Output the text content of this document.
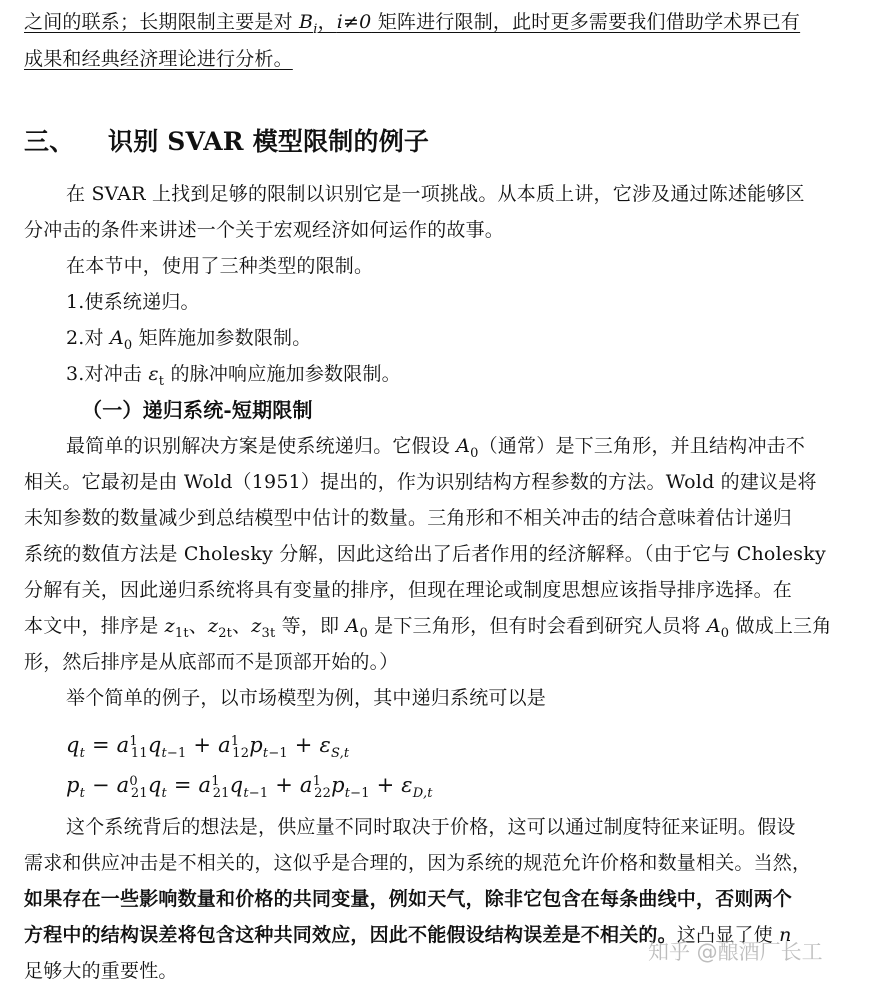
之间的联系；长期限制主要是对 $B_i$，i≠0 矩阵进行限制，此时更多需要我们借助学术界已有
成果和经典经济理论进行分析。
三、 识别 SVAR 模型限制的例子
在 SVAR 上找到足够的限制以识别它是一项挑战。从本质上讲，它涉及通过陈述能够区
分冲击的条件来讲述一个关于宏观经济如何运作的故事。
在本节中，使用了三种类型的限制。
1.使系统递归。
2.对 $A_0$ 矩阵施加参数限制。
3.对冲击 $\varepsilon_t$ 的脉冲响应施加参数限制。
（一）递归系统-短期限制
最简单的识别解决方案是使系统递归。它假设 $A_0$（通常）是下三角形，并且结构冲击不
相关。它最初是由 Wold（1951）提出的，作为识别结构方程参数的方法。Wold 的建议是将
未知参数的数量减少到总结模型中估计的数量。三角形和不相关冲击的结合意味着估计递归
系统的数值方法是 Cholesky 分解，因此这给出了后者作用的经济解释。（由于它与 Cholesky
分解有关，因此递归系统将具有变量的排序，但现在理论或制度思想应该指导排序选择。在
本文中，排序是 $z_{1t}$、$z_{2t}$、$z_{3t}$ 等，即 $A_0$ 是下三角形，但有时会看到研究人员将 $A_0$ 做成上三角
形，然后排序是从底部而不是顶部开始的。）
举个简单的例子，以市场模型为例，其中递归系统可以是
$q_t = a^1_{11}q_{t-1} + a^1_{12}p_{t-1} + \varepsilon_{S,t}$
$p_t - a^0_{21}q_t = a^1_{21}q_{t-1} + a^1_{22}p_{t-1} + \varepsilon_{D,t}$
这个系统背后的想法是，供应量不同时取决于价格，这可以通过制度特征来证明。假设
需求和供应冲击是不相关的，这似乎是合理的，因为系统的规范允许价格和数量相关。当然，
如果存在一些影响数量和价格的共同变量，例如天气，除非它包含在每条曲线中，否则两个
方程中的结构误差将包含这种共同效应，因此不能假设结构误差是不相关的。这凸显了使 n
足够大的重要性。
知乎 @酿酒厂长工
